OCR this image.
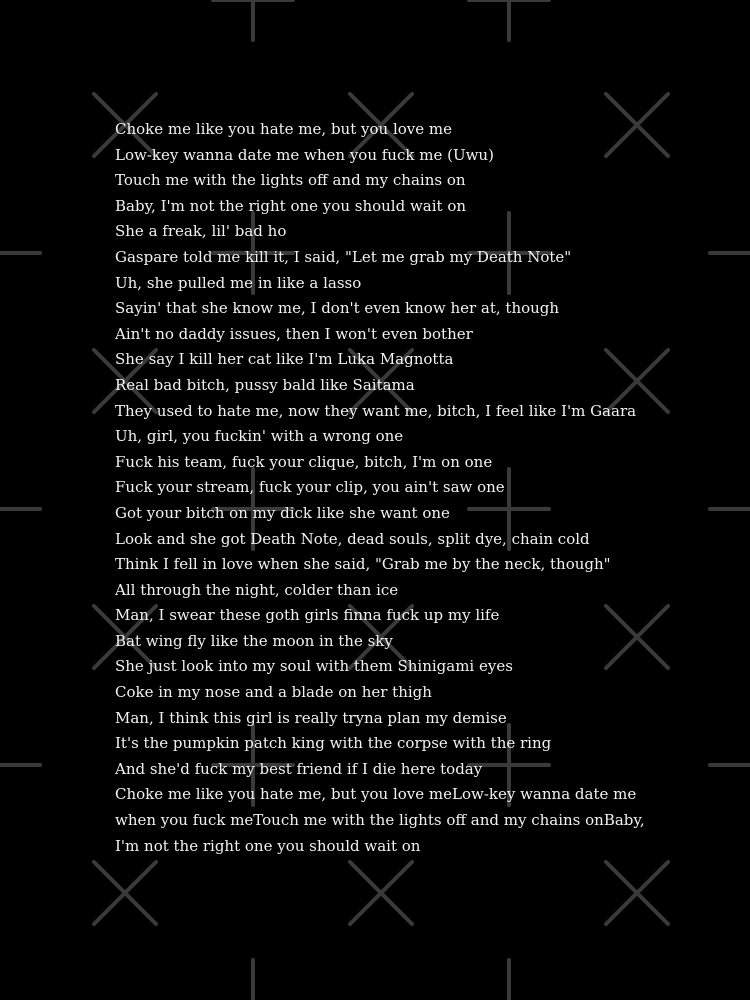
Choke me like you hate me, but you love me
Low-key wanna date me when you fuck me (Uwu)
Touch me with the lights off and my chains on
Baby, I'm not the right one you should wait on
She a freak, lil' bad ho
Gaspare told me kill it, I said, "Let me grab my Death Note"
Uh, she pulled me in like a lasso
Sayin' that she know me, I don't even know her at, though
Ain't no daddy issues, then I won't even bother
She say I kill her cat like I'm Luka Magnotta
Real bad bitch, pussy bald like Saitama
They used to hate me, now they want me, bitch, I feel like I'm Gaara
Uh, girl, you fuckin' with a wrong one
Fuck his team, fuck your clique, bitch, I'm on one
Fuck your stream, fuck your clip, you ain't saw one
Got your bitch on my dick like she want one
Look and she got Death Note, dead souls, split dye, chain cold
Think I fell in love when she said, "Grab me by the neck, though"
All through the night, colder than ice
Man, I swear these goth girls finna fuck up my life
Bat wing fly like the moon in the sky
She just look into my soul with them Shinigami eyes
Coke in my nose and a blade on her thigh
Man, I think this girl is really tryna plan my demise
It's the pumpkin patch king with the corpse with the ring
And she'd fuck my best friend if I die here today
Choke me like you hate me, but you love meLow-key wanna date me
when you fuck meTouch me with the lights off and my chains onBaby,
I'm not the right one you should wait on
